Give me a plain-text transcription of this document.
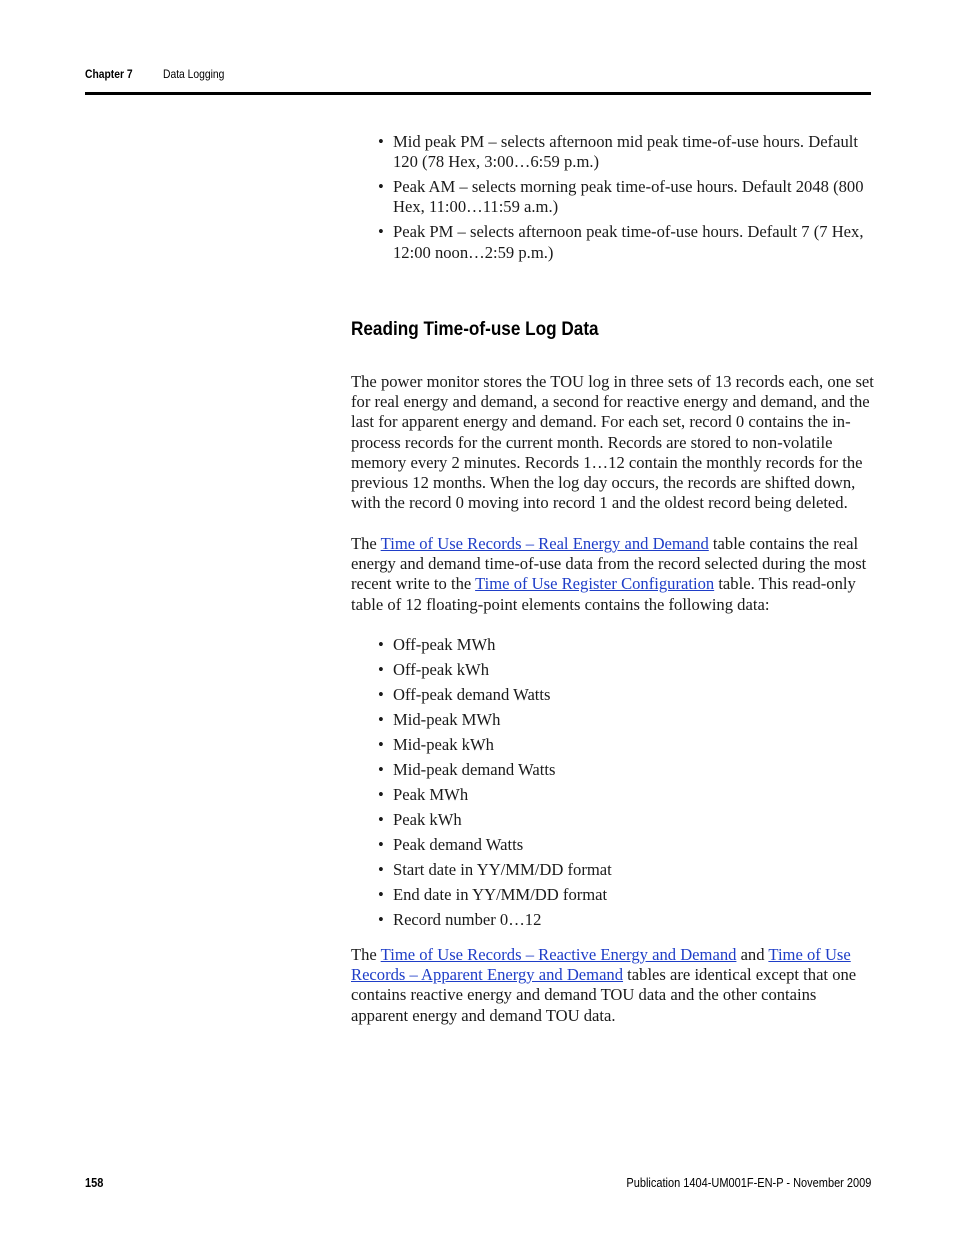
Chapter 7	Data Logging
• Mid peak PM – selects afternoon mid peak time-of-use hours. Default 120 (78 Hex, 3:00…6:59 p.m.)
• Peak AM – selects morning peak time-of-use hours. Default 2048 (800 Hex, 11:00…11:59 a.m.)
• Peak PM – selects afternoon peak time-of-use hours. Default 7 (7 Hex, 12:00 noon…2:59 p.m.)
Reading Time-of-use Log Data

The power monitor stores the TOU log in three sets of 13 records each, one set for real energy and demand, a second for reactive energy and demand, and the last for apparent energy and demand. For each set, record 0 contains the in-process records for the current month. Records are stored to non-volatile memory every 2 minutes. Records 1…12 contain the monthly records for the previous 12 months. When the log day occurs, the records are shifted down, with the record 0 moving into record 1 and the oldest record being deleted.

The Time of Use Records – Real Energy and Demand table contains the real energy and demand time-of-use data from the record selected during the most recent write to the Time of Use Register Configuration table. This read-only table of 12 floating-point elements contains the following data:

• Off-peak MWh
• Off-peak kWh
• Off-peak demand Watts
• Mid-peak MWh
• Mid-peak kWh
• Mid-peak demand Watts
• Peak MWh
• Peak kWh
• Peak demand Watts
• Start date in YY/MM/DD format
• End date in YY/MM/DD format
• Record number 0…12

The Time of Use Records – Reactive Energy and Demand and Time of Use Records – Apparent Energy and Demand tables are identical except that one contains reactive energy and demand TOU data and the other contains apparent energy and demand TOU data.

158	Publication 1404-UM001F-EN-P - November 2009
